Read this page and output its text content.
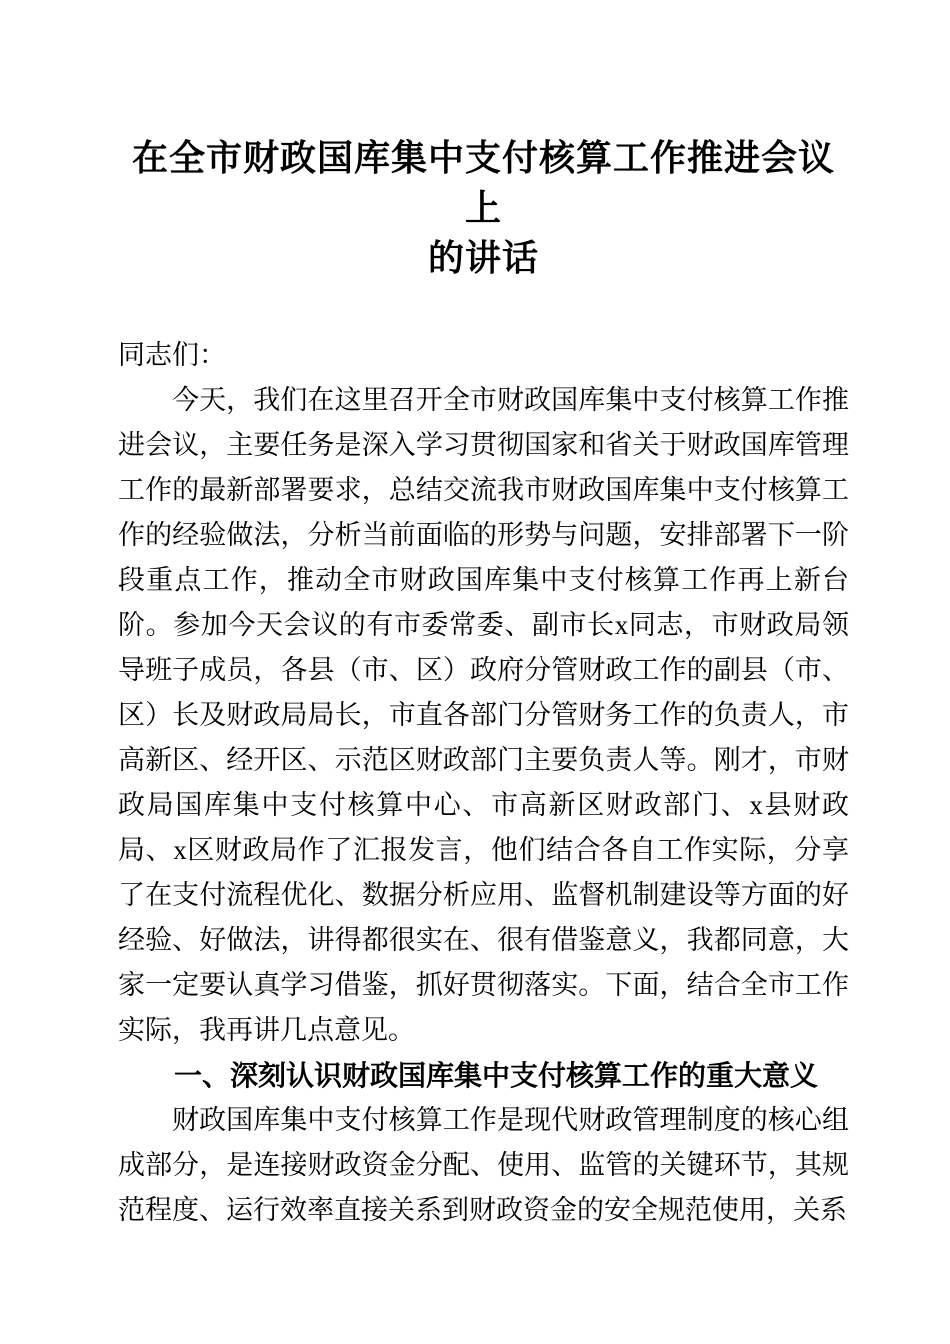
在全市财政国库集中支付核算工作推进会议上
的讲话

同志们：

今天，我们在这里召开全市财政国库集中支付核算工作推进会议，主要任务是深入学习贯彻国家和省关于财政国库管理工作的最新部署要求，总结交流我市财政国库集中支付核算工作的经验做法，分析当前面临的形势与问题，安排部署下一阶段重点工作，推动全市财政国库集中支付核算工作再上新台阶。参加今天会议的有市委常委、副市长x同志，市财政局领导班子成员，各县（市、区）政府分管财政工作的副县（市、区）长及财政局局长，市直各部门分管财务工作的负责人，市高新区、经开区、示范区财政部门主要负责人等。刚才，市财政局国库集中支付核算中心、市高新区财政部门、x县财政局、x区财政局作了汇报发言，他们结合各自工作实际，分享了在支付流程优化、数据分析应用、监督机制建设等方面的好经验、好做法，讲得都很实在、很有借鉴意义，我都同意，大家一定要认真学习借鉴，抓好贯彻落实。下面，结合全市工作实际，我再讲几点意见。

一、深刻认识财政国库集中支付核算工作的重大意义

财政国库集中支付核算工作是现代财政管理制度的核心组成部分，是连接财政资金分配、使用、监管的关键环节，其规范程度、运行效率直接关系到财政资金的安全规范使用，关系
